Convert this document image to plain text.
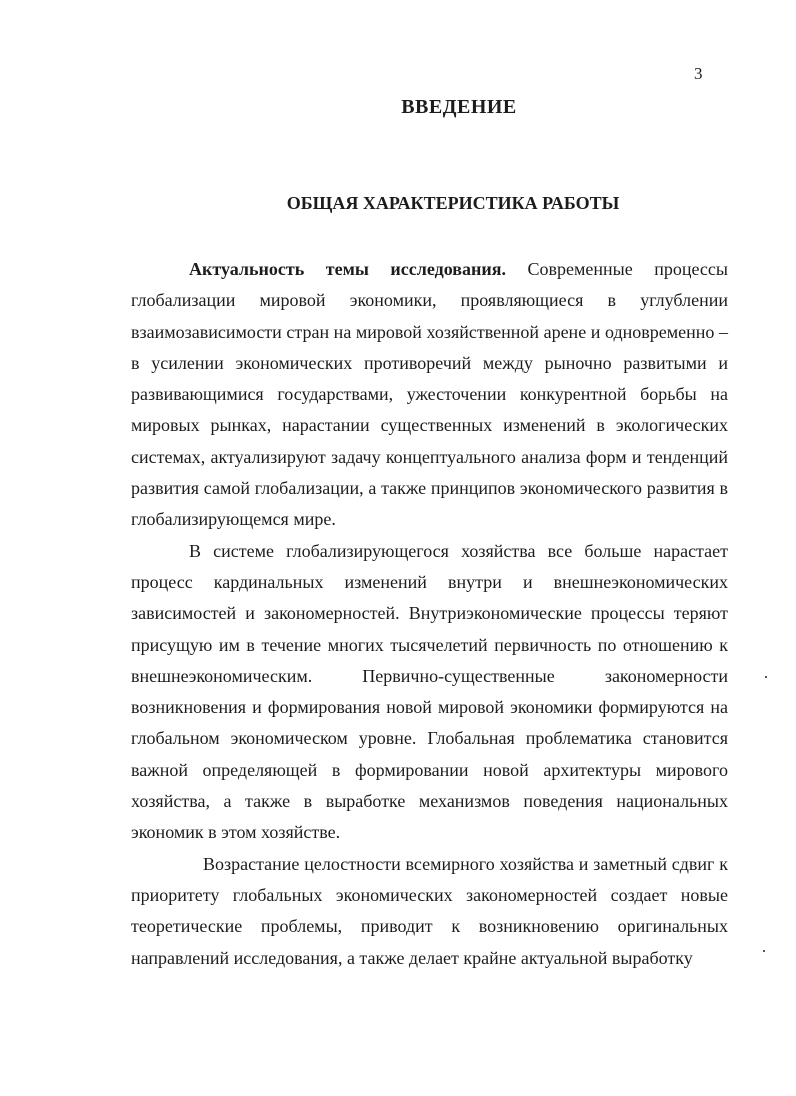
3
ВВЕДЕНИЕ
ОБЩАЯ ХАРАКТЕРИСТИКА РАБОТЫ

Актуальность темы исследования. Современные процессы глобализации мировой экономики, проявляющиеся в углублении взаимозависимости стран на мировой хозяйственной арене и одновременно – в усилении экономических противоречий между рыночно развитыми и развивающимися государствами, ужесточении конкурентной борьбы на мировых рынках, нарастании существенных изменений в экологических системах, актуализируют задачу концептуального анализа форм и тенденций развития самой глобализации, а также принципов экономического развития в глобализирующемся мире.

В системе глобализирующегося хозяйства все больше нарастает процесс кардинальных изменений внутри и внешнеэкономических зависимостей и закономерностей. Внутриэкономические процессы теряют присущую им в течение многих тысячелетий первичность по отношению к внешнеэкономическим. Первично-существенные закономерности возникновения и формирования новой мировой экономики формируются на глобальном экономическом уровне. Глобальная проблематика становится важной определяющей в формировании новой архитектуры мирового хозяйства, а также в выработке механизмов поведения национальных экономик в этом хозяйстве.

Возрастание целостности всемирного хозяйства и заметный сдвиг к приоритету глобальных экономических закономерностей создает новые теоретические проблемы, приводит к возникновению оригинальных направлений исследования, а также делает крайне актуальной выработку
